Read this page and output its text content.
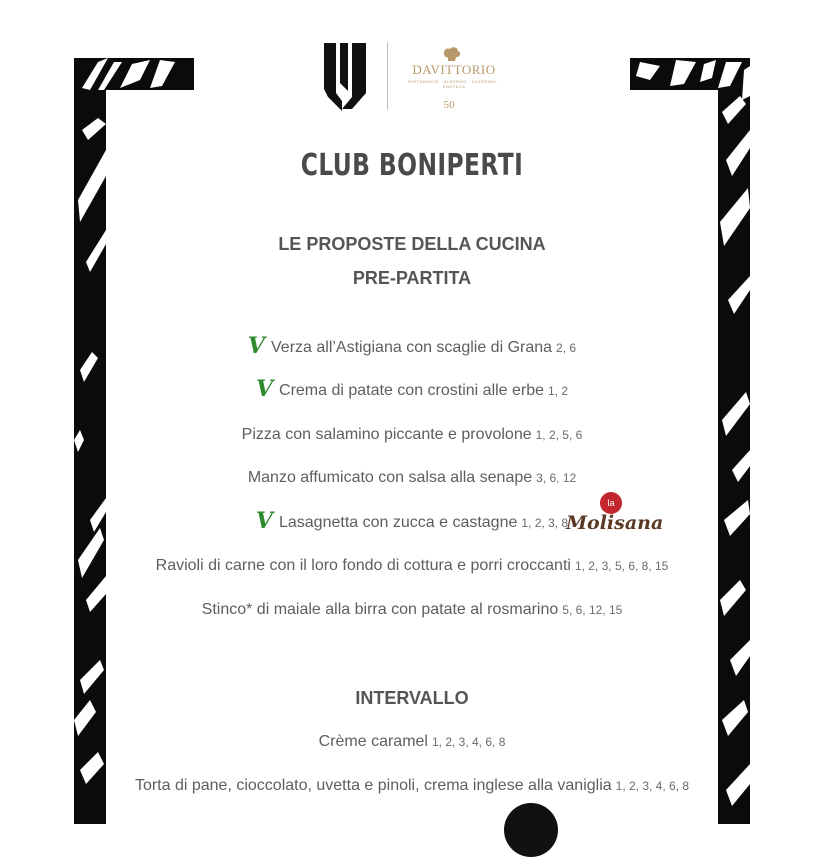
DAVITTORIO
RISTORANTE · ALBERGO · CATERING · ENOTECA
50
CLUB BONIPERTI
LE PROPOSTE DELLA CUCINA
PRE-PARTITA
V Verza all’Astigiana con scaglie di Grana 2, 6
V Crema di patate con crostini alle erbe 1, 2
Pizza con salamino piccante e provolone 1, 2, 5, 6
Manzo affumicato con salsa alla senape 3, 6, 12
V Lasagnetta con zucca e castagne 1, 2, 3, 8
Ravioli di carne con il loro fondo di cottura e porri croccanti 1, 2, 3, 5, 6, 8, 15
Stinco* di maiale alla birra con patate al rosmarino 5, 6, 12, 15
la
Molisana
INTERVALLO
Crème caramel 1, 2, 3, 4, 6, 8
Torta di pane, cioccolato, uvetta e pinoli, crema inglese alla vaniglia 1, 2, 3, 4, 6, 8
